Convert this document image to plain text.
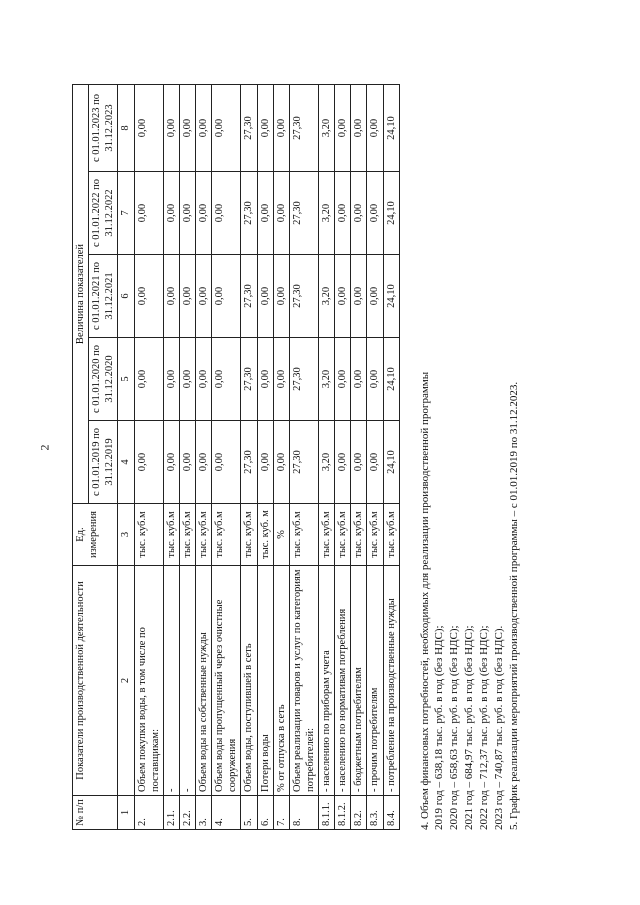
2
№ п/п	Показатели производственной деятельности	Ед. измерения	Величина показателей				
			с 01.01.2019 по 31.12.2019	с 01.01.2020 по 31.12.2020	с 01.01.2021 по 31.12.2021	с 01.01.2022 по 31.12.2022	с 01.01.2023 по 31.12.2023
1	2	3	4	5	6	7	8
2.	Объем покупки воды, в том числе по поставщикам:	тыс. куб.м	0,00	0,00	0,00	0,00	0,00
2.1.	-	тыс. куб.м	0,00	0,00	0,00	0,00	0,00
2.2.	-	тыс. куб.м	0,00	0,00	0,00	0,00	0,00
3.	Объем воды на собственные нужды	тыс. куб.м	0,00	0,00	0,00	0,00	0,00
4.	Объем воды пропущенный через очистные сооружения	тыс. куб.м	0,00	0,00	0,00	0,00	0,00
5.	Объем воды, поступившей в сеть	тыс. куб.м	27,30	27,30	27,30	27,30	27,30
6.	Потери воды	тыс. куб. м	0,00	0,00	0,00	0,00	0,00
7.	% от отпуска в сеть	%	0,00	0,00	0,00	0,00	0,00
8.	Объем реализации товаров и услуг по категориям потребителей:	тыс. куб.м	27,30	27,30	27,30	27,30	27,30
8.1.1.	- населению по приборам учета	тыс. куб.м	3,20	3,20	3,20	3,20	3,20
8.1.2.	- населению по нормативам потребления	тыс. куб.м	0,00	0,00	0,00	0,00	0,00
8.2.	- бюджетным потребителям	тыс. куб.м	0,00	0,00	0,00	0,00	0,00
8.3.	- прочим потребителям	тыс. куб.м	0,00	0,00	0,00	0,00	0,00
8.4.	- потребление на производственные нужды	тыс. куб.м	24,10	24,10	24,10	24,10	24,10
4. Объем финансовых потребностей, необходимых для реализации производственной программы 2019 год – 638,18 тыс. руб. в год (без НДС); 2020 год – 658,63 тыс. руб. в год (без НДС); 2021 год – 684,97 тыс. руб. в год (без НДС); 2022 год – 712,37 тыс. руб. в год (без НДС); 2023 год – 740,87 тыс. руб. в год (без НДС). 5. График реализации мероприятий производственной программы – с 01.01.2019 по 31.12.2023.
